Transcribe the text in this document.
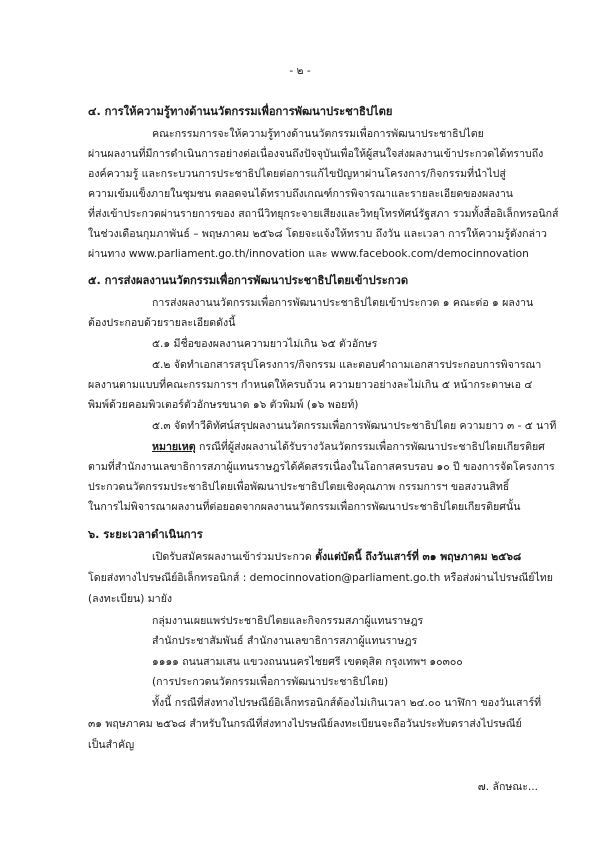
- ๒ -
๔. การให้ความรู้ทางด้านนวัตกรรมเพื่อการพัฒนาประชาธิปไตย
คณะกรรมการจะให้ความรู้ทางด้านนวัตกรรมเพื่อการพัฒนาประชาธิปไตย
ผ่านผลงานที่มีการดำเนินการอย่างต่อเนื่องจนถึงปัจจุบันเพื่อให้ผู้สนใจส่งผลงานเข้าประกวดได้ทราบถึง
องค์ความรู้ และกระบวนการประชาธิปไตยต่อการแก้ไขปัญหาผ่านโครงการ/กิจกรรมที่นำไปสู่
ความเข้มแข็งภายในชุมชน ตลอดจนได้ทราบถึงเกณฑ์การพิจารณาและรายละเอียดของผลงาน
ที่ส่งเข้าประกวดผ่านรายการของ สถานีวิทยุกระจายเสียงและวิทยุโทรทัศน์รัฐสภา รวมทั้งสื่ออิเล็กทรอนิกส์
ในช่วงเดือนกุมภาพันธ์ – พฤษภาคม ๒๕๖๘ โดยจะแจ้งให้ทราบ ถึงวัน และเวลา การให้ความรู้ดังกล่าว
ผ่านทาง www.parliament.go.th/innovation และ www.facebook.com/democinnovation
๕. การส่งผลงานนวัตกรรมเพื่อการพัฒนาประชาธิปไตยเข้าประกวด
การส่งผลงานนวัตกรรมเพื่อการพัฒนาประชาธิปไตยเข้าประกวด ๑ คณะต่อ ๑ ผลงาน
ต้องประกอบด้วยรายละเอียดดังนี้
๕.๑ มีชื่อของผลงานความยาวไม่เกิน ๖๕ ตัวอักษร
๕.๒ จัดทำเอกสารสรุปโครงการ/กิจกรรม และตอบคำถามเอกสารประกอบการพิจารณา
ผลงานตามแบบที่คณะกรรมการฯ กำหนดให้ครบถ้วน ความยาวอย่างละไม่เกิน ๕ หน้ากระดาษเอ ๔
พิมพ์ด้วยคอมพิวเตอร์ตัวอักษรขนาด ๑๖ ตัวพิมพ์ (๑๖ พอยท์)
๕.๓ จัดทำวีดิทัศน์สรุปผลงานนวัตกรรมเพื่อการพัฒนาประชาธิปไตย ความยาว ๓ - ๕ นาที
หมายเหตุ กรณีที่ผู้ส่งผลงานได้รับรางวัลนวัตกรรมเพื่อการพัฒนาประชาธิปไตยเกียรติยศ
ตามที่สำนักงานเลขาธิการสภาผู้แทนราษฎรได้คัดสรรเนื่องในโอกาสครบรอบ ๑๐ ปี ของการจัดโครงการ
ประกวดนวัตกรรมประชาธิปไตยเพื่อพัฒนาประชาธิปไตยเชิงคุณภาพ กรรมการฯ ขอสงวนสิทธิ์
ในการไม่พิจารณาผลงานที่ต่อยอดจากผลงานนวัตกรรมเพื่อการพัฒนาประชาธิปไตยเกียรติยศนั้น
๖. ระยะเวลาดำเนินการ
เปิดรับสมัครผลงานเข้าร่วมประกวด ตั้งแต่บัดนี้ ถึงวันเสาร์ที่ ๓๑ พฤษภาคม ๒๕๖๘
โดยส่งทางไปรษณีย์อิเล็กทรอนิกส์ : democinnovation@parliament.go.th หรือส่งผ่านไปรษณีย์ไทย
(ลงทะเบียน) มายัง
กลุ่มงานเผยแพร่ประชาธิปไตยและกิจกรรมสภาผู้แทนราษฎร
สำนักประชาสัมพันธ์ สำนักงานเลขาธิการสภาผู้แทนราษฎร
๑๑๑๑ ถนนสามเสน แขวงถนนนครไชยศรี เขตดุสิต กรุงเทพฯ ๑๐๓๐๐
(การประกวดนวัตกรรมเพื่อการพัฒนาประชาธิปไตย)
ทั้งนี้ กรณีที่ส่งทางไปรษณีย์อิเล็กทรอนิกส์ต้องไม่เกินเวลา ๒๔.๐๐ นาฬิกา ของวันเสาร์ที่
๓๑ พฤษภาคม ๒๕๖๘ สำหรับในกรณีที่ส่งทางไปรษณีย์ลงทะเบียนจะถือวันประทับตราส่งไปรษณีย์
เป็นสำคัญ
๗. ลักษณะ...
